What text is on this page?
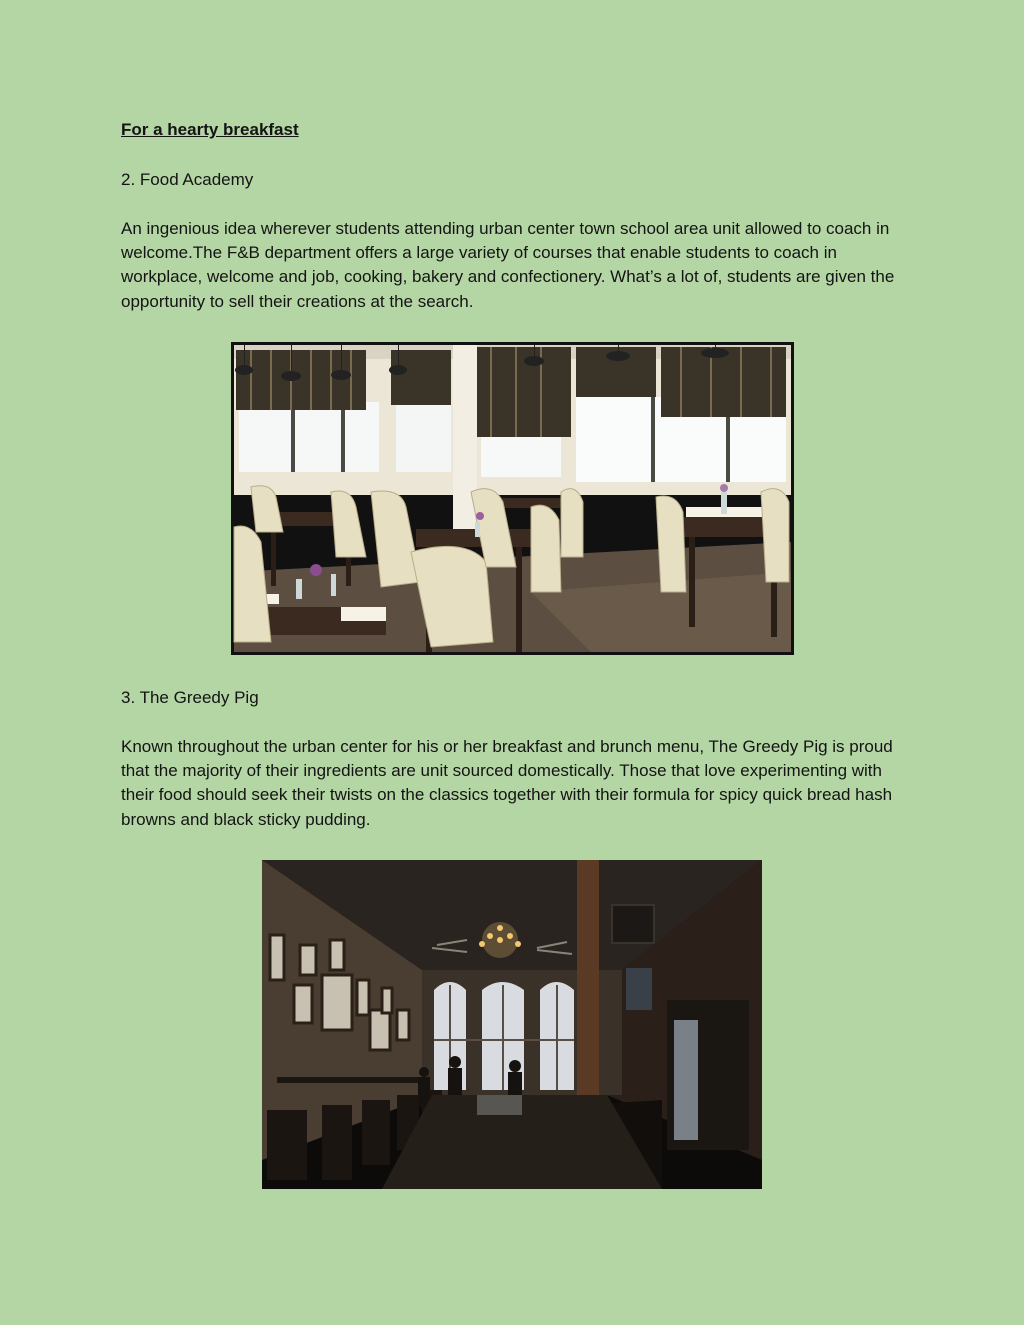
For a hearty breakfast
2. Food Academy

An ingenious idea wherever students attending urban center town school area unit allowed to coach in welcome.The F&B department offers a large variety of courses that enable students to coach in workplace, welcome and job, cooking, bakery and confectionery. What’s a lot of, students are given the opportunity to sell their creations at the search.

3. The Greedy Pig

Known throughout the urban center for his or her breakfast and brunch menu, The Greedy Pig is proud that the majority of their ingredients are unit sourced domestically. Those that love experimenting with their food should seek their twists on the classics together with their formula for spicy quick bread hash browns and black sticky pudding.
